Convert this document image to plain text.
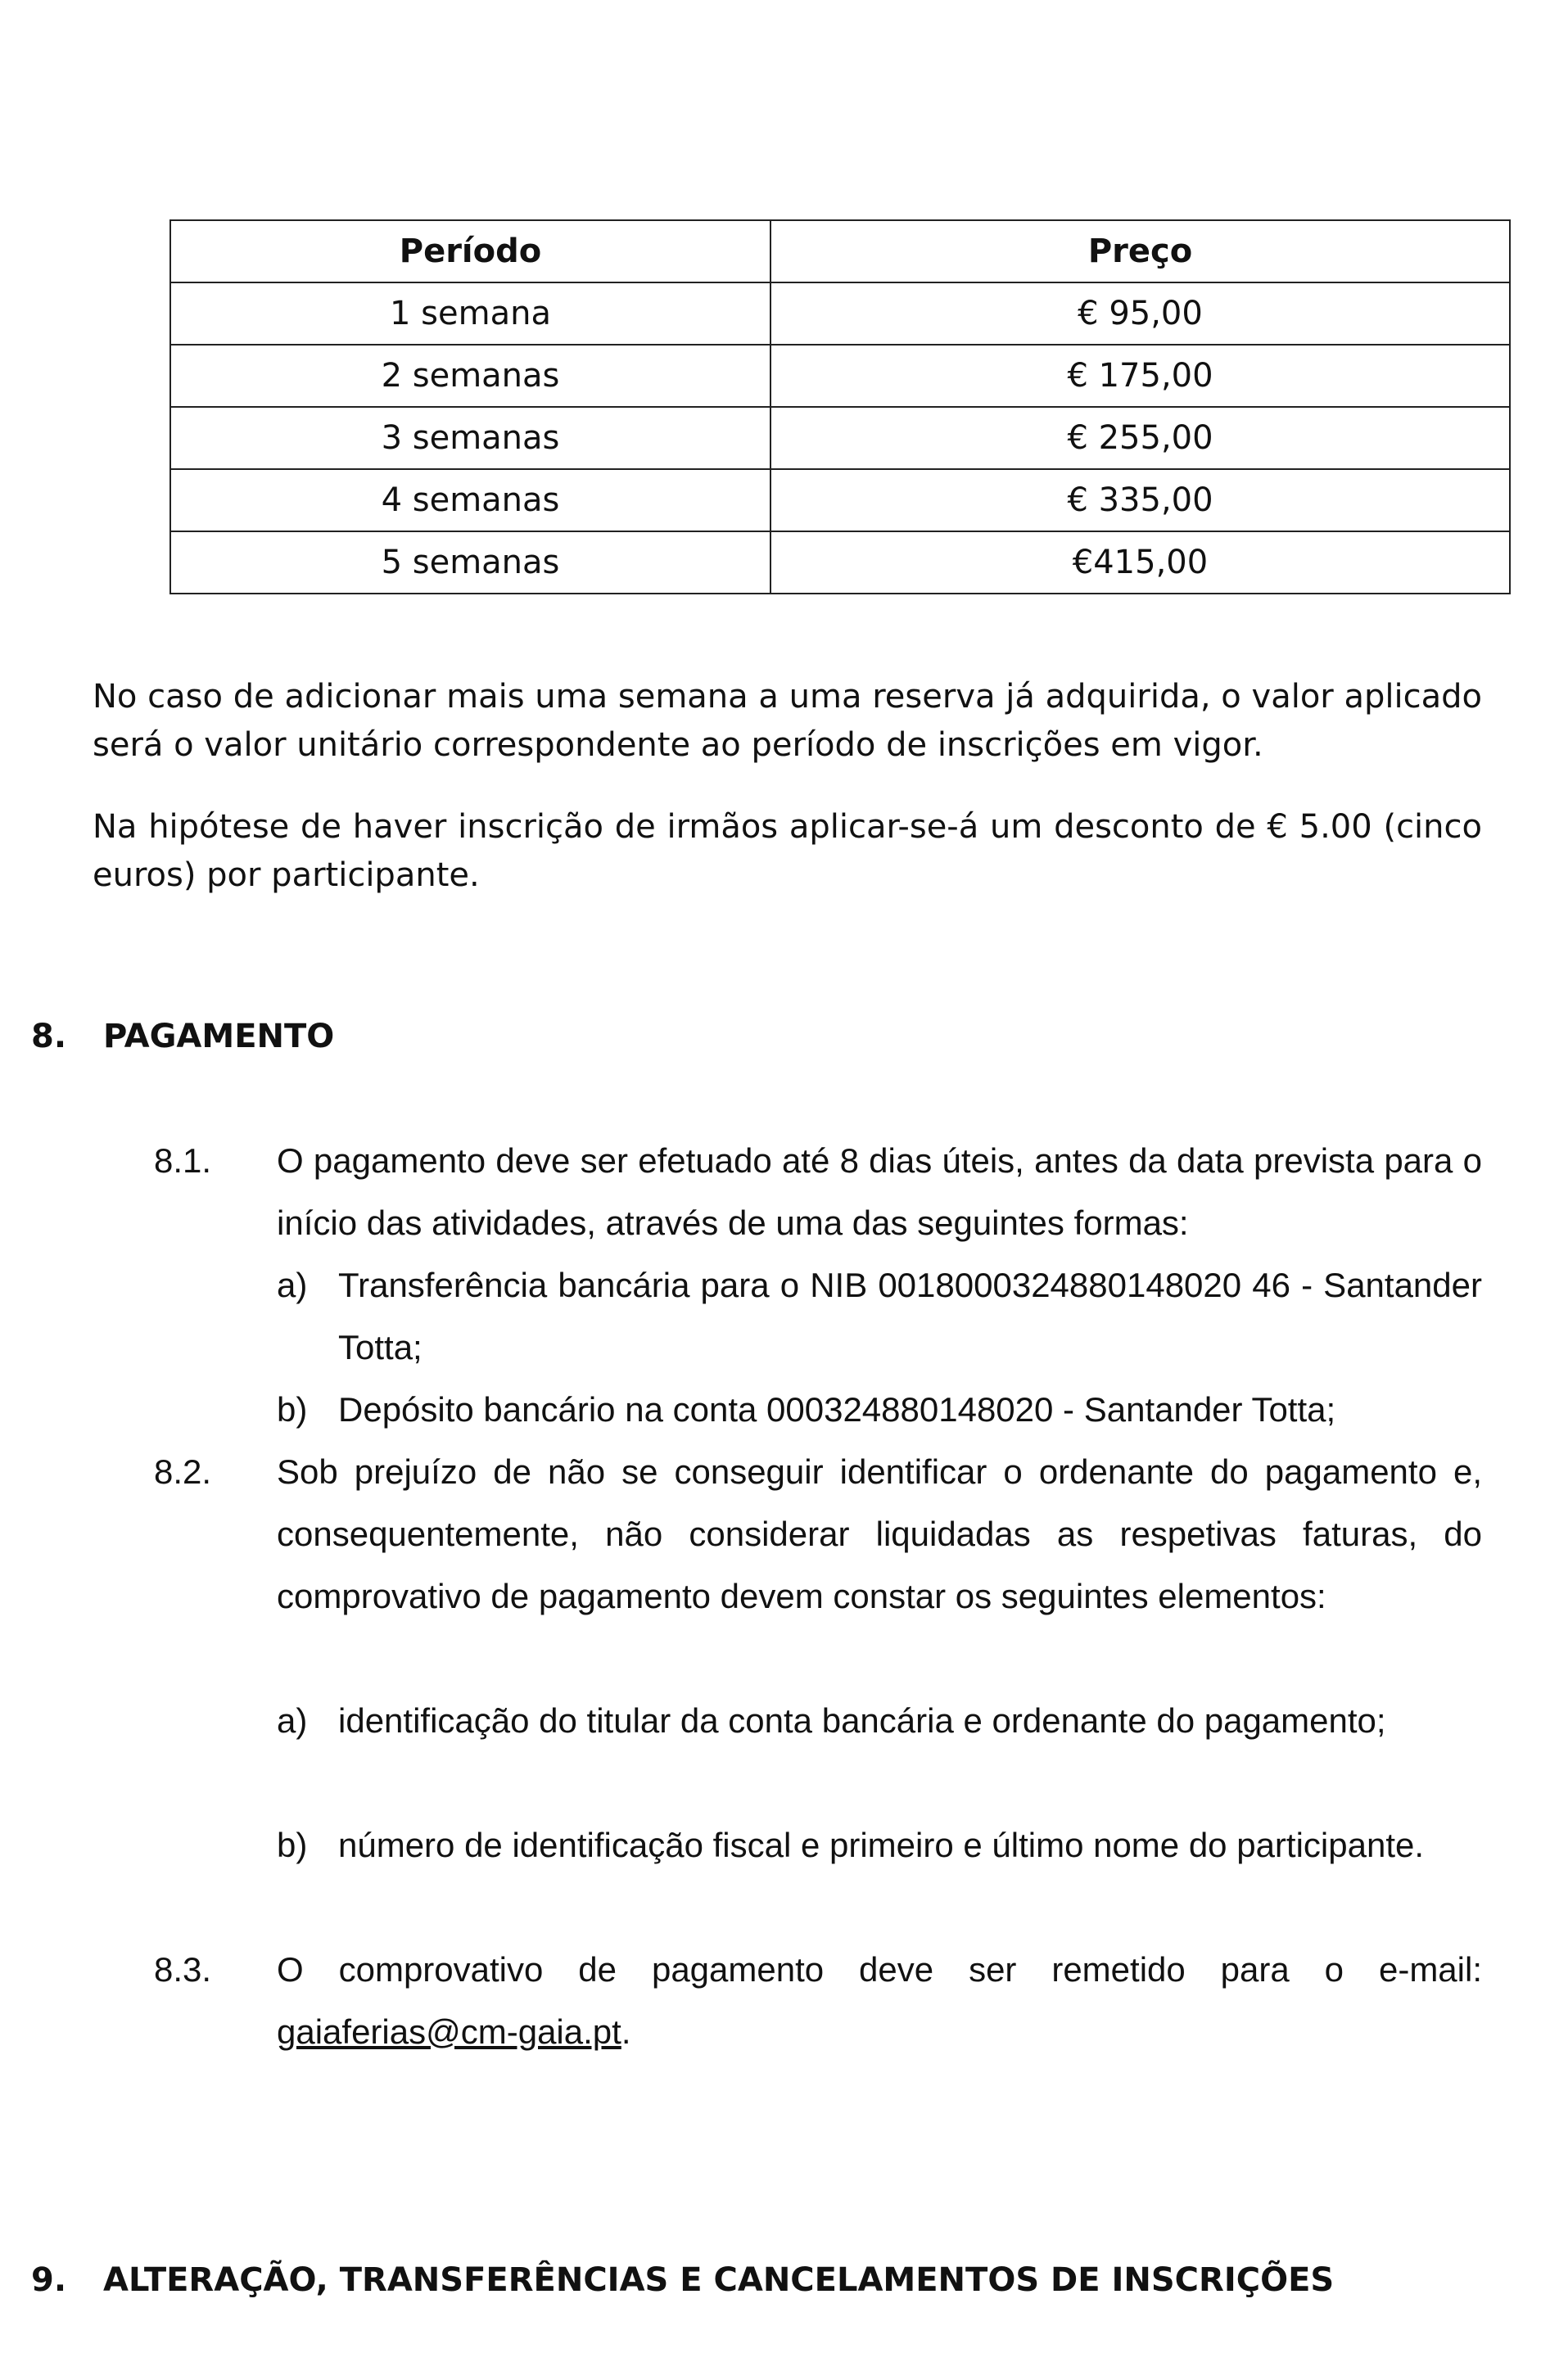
Período	Preço
1 semana	€ 95,00
2 semanas	€ 175,00
3 semanas	€ 255,00
4 semanas	€ 335,00
5 semanas	€415,00

No caso de adicionar mais uma semana a uma reserva já adquirida, o valor aplicado será o valor unitário correspondente ao período de inscrições em vigor.

Na hipótese de haver inscrição de irmãos aplicar-se-á um desconto de € 5.00 (cinco euros) por participante.

8. PAGAMENTO
8.1. O pagamento deve ser efetuado até 8 dias úteis, antes da data prevista para o início das atividades, através de uma das seguintes formas:
a) Transferência bancária para o NIB 0018000324880148020 46 - Santander Totta;
b) Depósito bancário na conta 000324880148020 - Santander Totta;
8.2. Sob prejuízo de não se conseguir identificar o ordenante do pagamento e, consequentemente, não considerar liquidadas as respetivas faturas, do comprovativo de pagamento devem constar os seguintes elementos:
a) identificação do titular da conta bancária e ordenante do pagamento;
b) número de identificação fiscal e primeiro e último nome do participante.
8.3. O comprovativo de pagamento deve ser remetido para o e-mail: gaiaferias@cm-gaia.pt.
9. ALTERAÇÃO, TRANSFERÊNCIAS E CANCELAMENTOS DE INSCRIÇÕES
